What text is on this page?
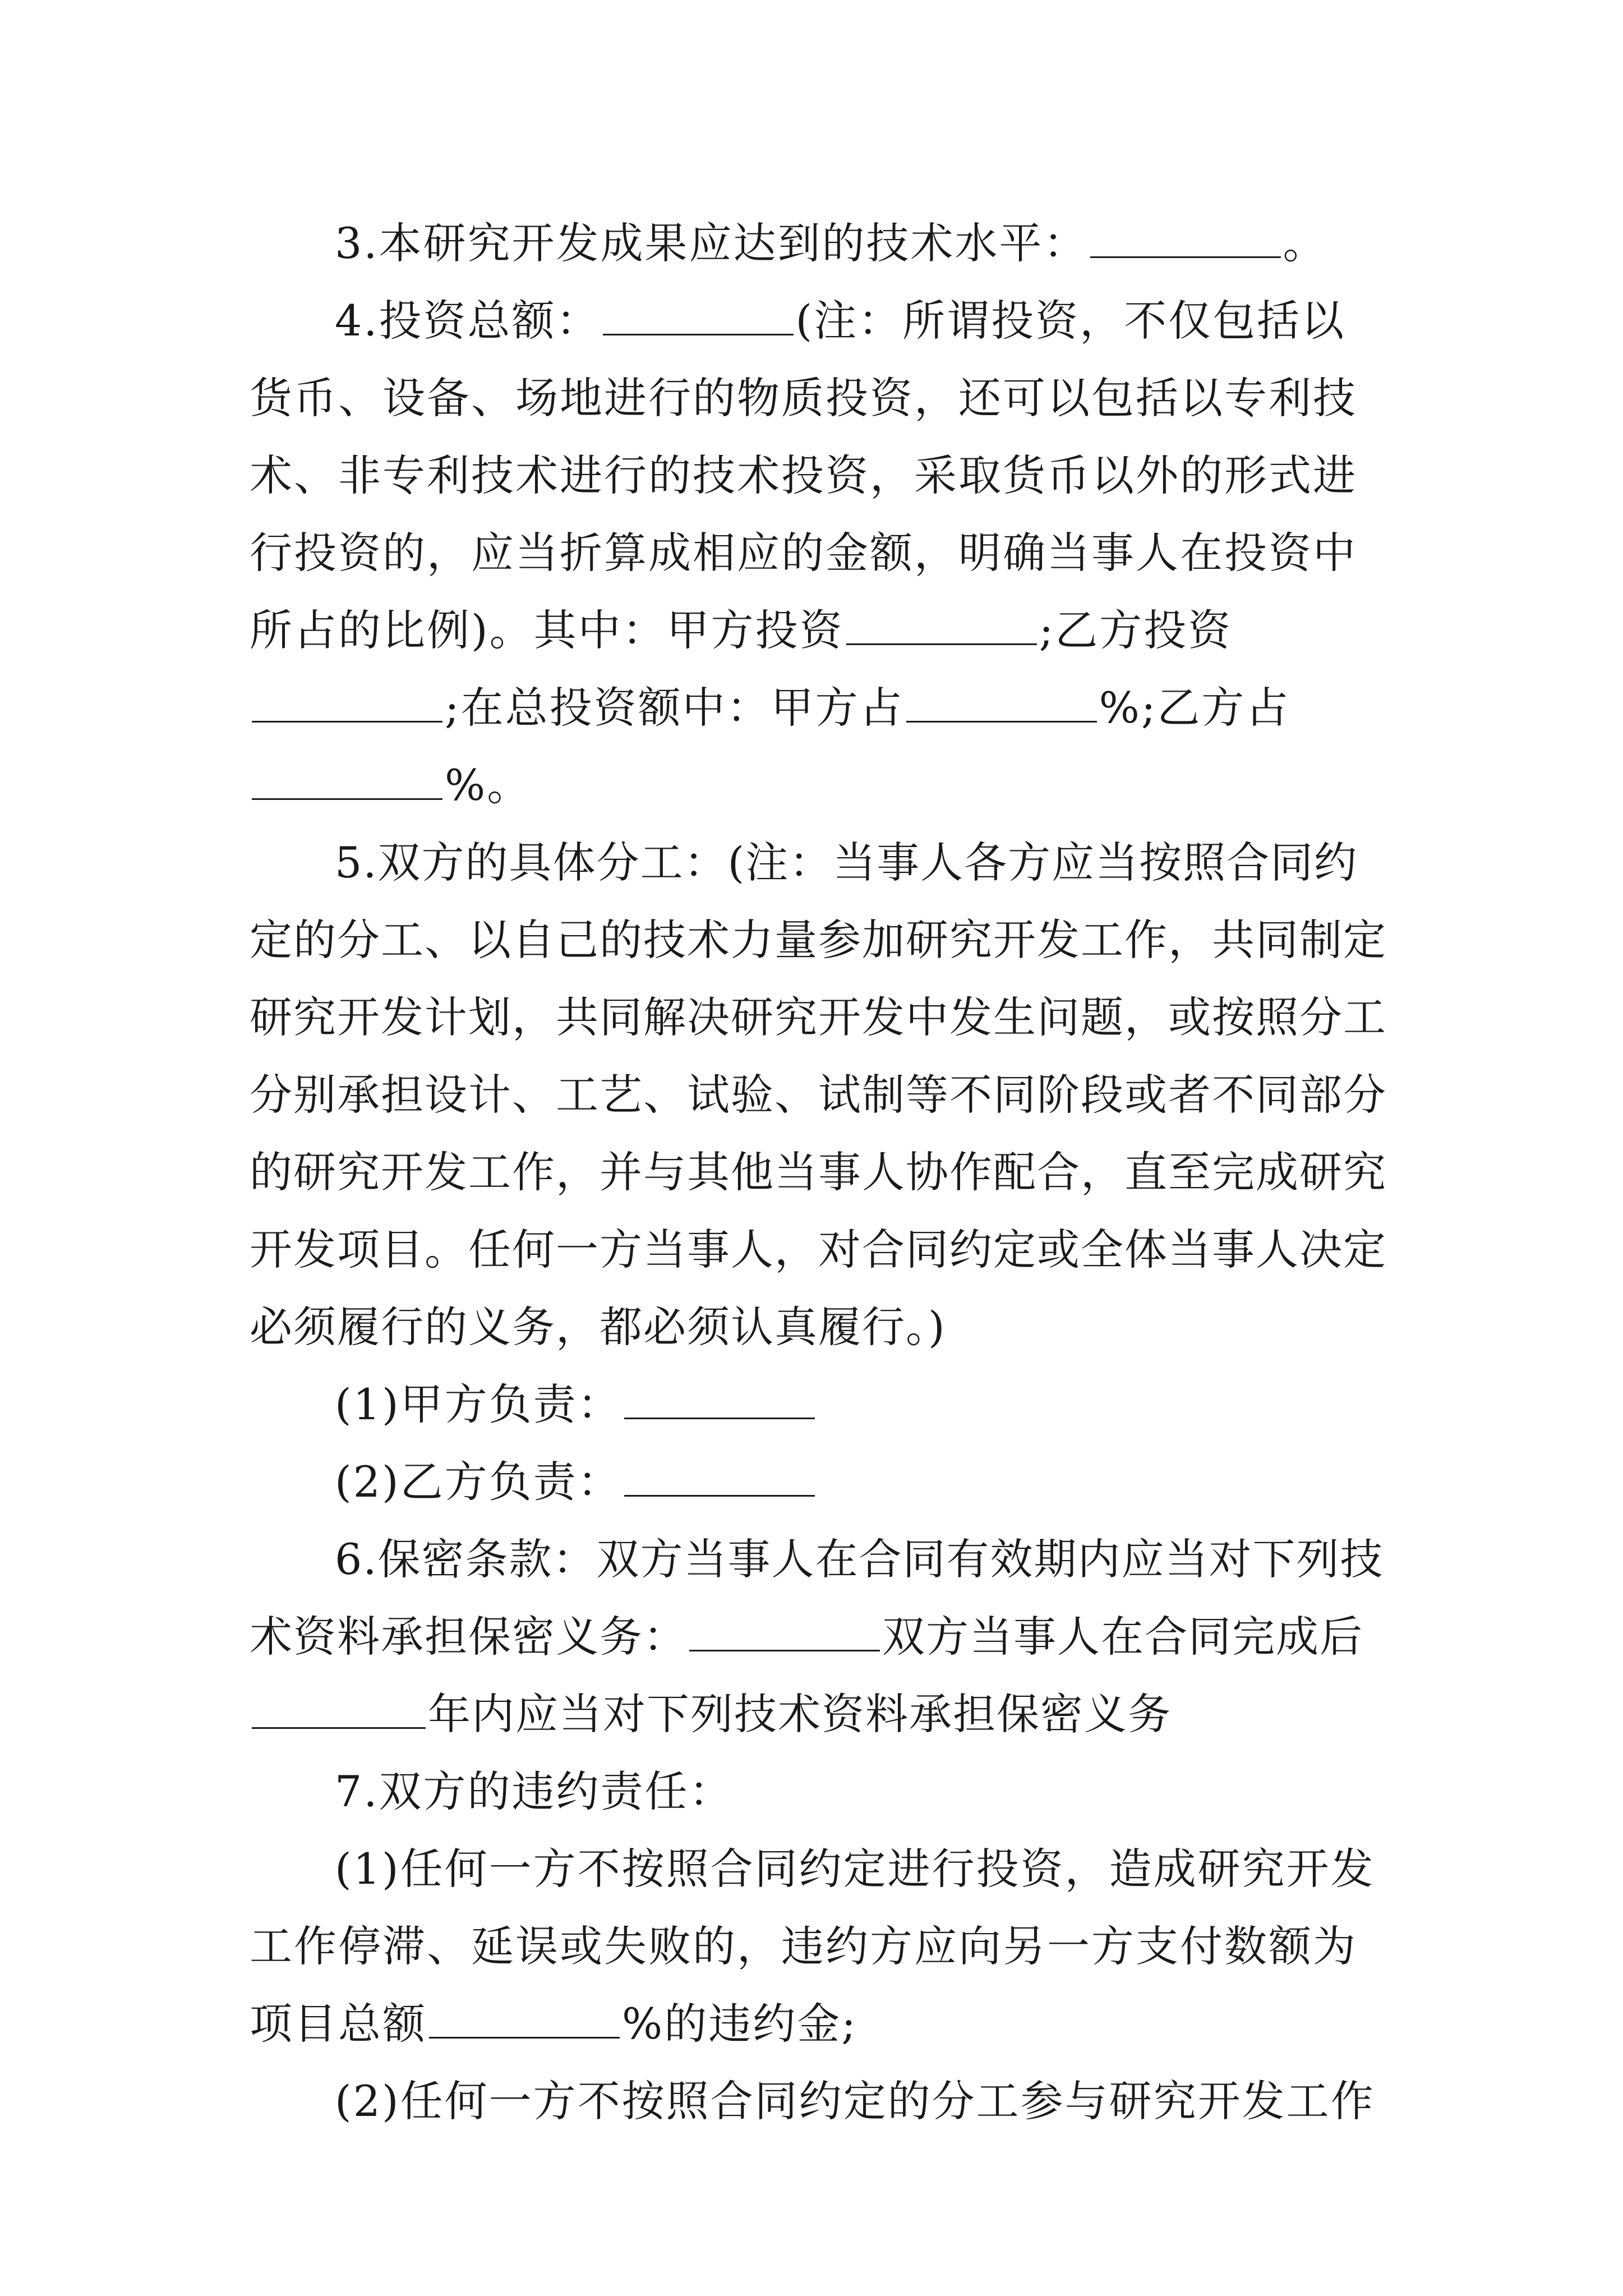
3.本研究开发成果应达到的技术水平：	。

4.投资总额：	(注：所谓投资，不仅包括以货币、设备、场地进行的物质投资，还可以包括以专利技术、非专利技术进行的技术投资，采取货币以外的形式进行投资的，应当折算成相应的金额，明确当事人在投资中所占的比例)。其中：甲方投资	;乙方投资;在总投资额中：甲方占	%;乙方占%。

5.双方的具体分工：(注：当事人各方应当按照合同约定的分工、以自己的技术力量参加研究开发工作，共同制定研究开发计划，共同解决研究开发中发生问题，或按照分工分别承担设计、工艺、试验、试制等不同阶段或者不同部分的研究开发工作，并与其他当事人协作配合，直至完成研究开发项目。任何一方当事人，对合同约定或全体当事人决定必须履行的义务，都必须认真履行。)

(1)甲方负责：

(2)乙方负责：

6.保密条款：双方当事人在合同有效期内应当对下列技术资料承担保密义务：	双方当事人在合同完成后年内应当对下列技术资料承担保密义务

7.双方的违约责任：

(1)任何一方不按照合同约定进行投资，造成研究开发工作停滞、延误或失败的，违约方应向另一方支付数额为项目总额	%的违约金;

(2)任何一方不按照合同约定的分工参与研究开发工作
